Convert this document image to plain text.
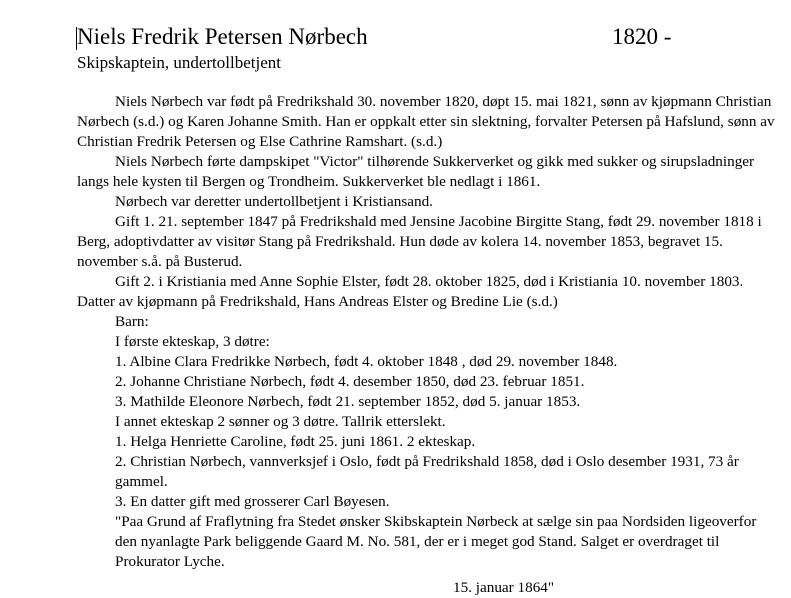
Niels Fredrik Petersen Nørbech	1820 -
Skipskaptein, undertollbetjent

Niels Nørbech var født på Fredrikshald 30. november 1820, døpt 15. mai 1821, sønn av kjøpmann Christian Nørbech (s.d.) og Karen Johanne Smith. Han er oppkalt etter sin slektning, forvalter Petersen på Hafslund, sønn av Christian Fredrik Petersen og Else Cathrine Ramshart. (s.d.)

Niels Nørbech førte dampskipet "Victor" tilhørende Sukkerverket og gikk med sukker og sirupsladninger langs hele kysten til Bergen og Trondheim. Sukkerverket ble nedlagt i 1861.

Nørbech var deretter undertollbetjent i Kristiansand.

Gift 1. 21. september 1847 på Fredrikshald med Jensine Jacobine Birgitte Stang, født 29. november 1818 i Berg, adoptivdatter av visitør Stang på Fredrikshald. Hun døde av kolera 14. november 1853, begravet 15. november s.å. på Busterud.

Gift 2. i Kristiania med Anne Sophie Elster, født 28. oktober 1825, død i Kristiania 10. november 1803. Datter av kjøpmann på Fredrikshald, Hans Andreas Elster og Bredine Lie (s.d.)

Barn:

I første ekteskap, 3 døtre:

1. Albine Clara Fredrikke Nørbech, født 4. oktober 1848 , død 29. november 1848.

2. Johanne Christiane Nørbech, født 4. desember 1850, død 23. februar 1851.

3. Mathilde Eleonore Nørbech, født 21. september 1852, død 5. januar 1853.

I annet ekteskap 2 sønner og 3 døtre. Tallrik etterslekt.

1. Helga Henriette Caroline, født 25. juni 1861. 2 ekteskap.

2. Christian Nørbech, vannverksjef i Oslo, født på Fredrikshald 1858, død i Oslo desember 1931, 73 år gammel.

3. En datter gift med grosserer Carl Bøyesen.

"Paa Grund af Fraflytning fra Stedet ønsker Skibskaptein Nørbeck at sælge sin paa Nordsiden ligeoverfor den nyanlagte Park beliggende Gaard M. No. 581, der er i meget god Stand. Salget er overdraget til Prokurator Lyche.

15. januar 1864"
